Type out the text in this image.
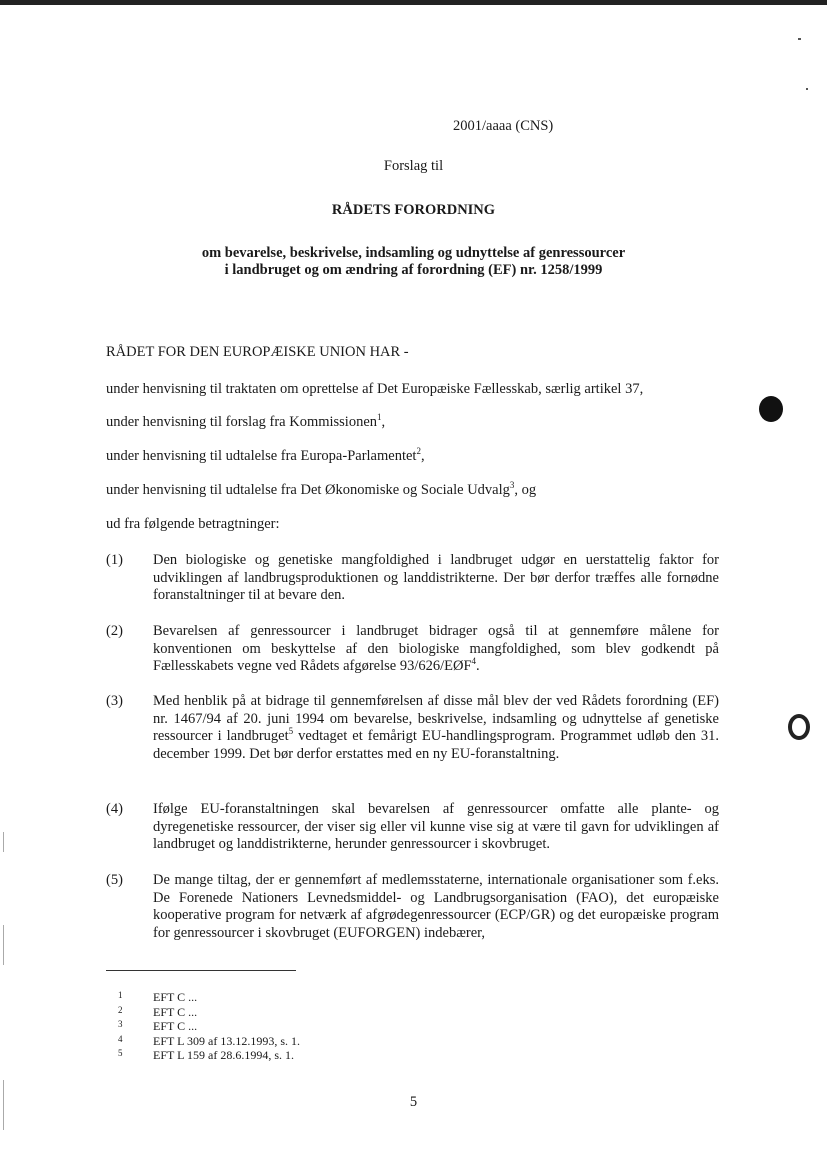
2001/aaaa (CNS)
Forslag til
RÅDETS FORORDNING
om bevarelse, beskrivelse, indsamling og udnyttelse af genressourcer
i landbruget og om ændring af forordning (EF) nr. 1258/1999
RÅDET FOR DEN EUROPÆISKE UNION HAR -

under henvisning til traktaten om oprettelse af Det Europæiske Fællesskab, særlig artikel 37,

under henvisning til forslag fra Kommissionen$^1$,

under henvisning til udtalelse fra Europa-Parlamentet$^2$,

under henvisning til udtalelse fra Det Økonomiske og Sociale Udvalg$^3$, og

ud fra følgende betragtninger:

(1)	Den biologiske og genetiske mangfoldighed i landbruget udgør en uerstattelig faktor for udviklingen af landbrugsproduktionen og landdistrikterne. Der bør derfor træffes alle fornødne foranstaltninger til at bevare den.

(2)	Bevarelsen af genressourcer i landbruget bidrager også til at gennemføre målene for konventionen om beskyttelse af den biologiske mangfoldighed, som blev godkendt på Fællesskabets vegne ved Rådets afgørelse 93/626/EØF$^4$.

(3)	Med henblik på at bidrage til gennemførelsen af disse mål blev der ved Rådets forordning (EF) nr. 1467/94 af 20. juni 1994 om bevarelse, beskrivelse, indsamling og udnyttelse af genetiske ressourcer i landbruget$^5$ vedtaget et femårigt EU-handlingsprogram. Programmet udløb den 31. december 1999. Det bør derfor erstattes med en ny EU-foranstaltning.

(4)	Ifølge EU-foranstaltningen skal bevarelsen af genressourcer omfatte alle plante- og dyregenetiske ressourcer, der viser sig eller vil kunne vise sig at være til gavn for udviklingen af landbruget og landdistrikterne, herunder genressourcer i skovbruget.

(5)	De mange tiltag, der er gennemført af medlemsstaterne, internationale organisationer som f.eks. De Forenede Nationers Levnedsmiddel- og Landbrugsorganisation (FAO), det europæiske kooperative program for netværk af afgrødegenressourcer (ECP/GR) og det europæiske program for genressourcer i skovbruget (EUFORGEN) indebærer,

1	EFT C ...
2	EFT C ...
3	EFT C ...
4	EFT L 309 af 13.12.1993, s. 1.
5	EFT L 159 af 28.6.1994, s. 1.
5
